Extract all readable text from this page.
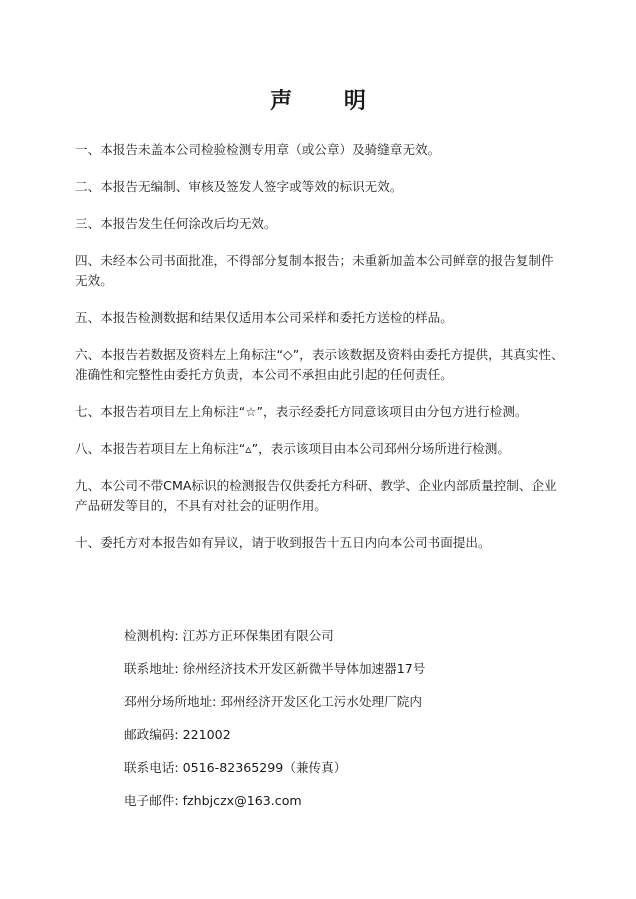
声 明

一、本报告未盖本公司检验检测专用章（或公章）及骑缝章无效。

二、本报告无编制、审核及签发人签字或等效的标识无效。

三、本报告发生任何涂改后均无效。

四、未经本公司书面批准，不得部分复制本报告；未重新加盖本公司鲜章的报告复制件无效。

五、本报告检测数据和结果仅适用本公司采样和委托方送检的样品。

六、本报告若数据及资料左上角标注“◇”，表示该数据及资料由委托方提供，其真实性、准确性和完整性由委托方负责，本公司不承担由此引起的任何责任。

七、本报告若项目左上角标注“☆”，表示经委托方同意该项目由分包方进行检测。

八、本报告若项目左上角标注“▵”，表示该项目由本公司邳州分场所进行检测。

九、本公司不带CMA标识的检测报告仅供委托方科研、教学、企业内部质量控制、企业产品研发等目的，不具有对社会的证明作用。

十、委托方对本报告如有异议，请于收到报告十五日内向本公司书面提出。

检测机构: 江苏方正环保集团有限公司
联系地址: 徐州经济技术开发区新微半导体加速器17号
邳州分场所地址: 邳州经济开发区化工污水处理厂院内
邮政编码: 221002
联系电话: 0516-82365299（兼传真）
电子邮件: fzhbjczx@163.com
